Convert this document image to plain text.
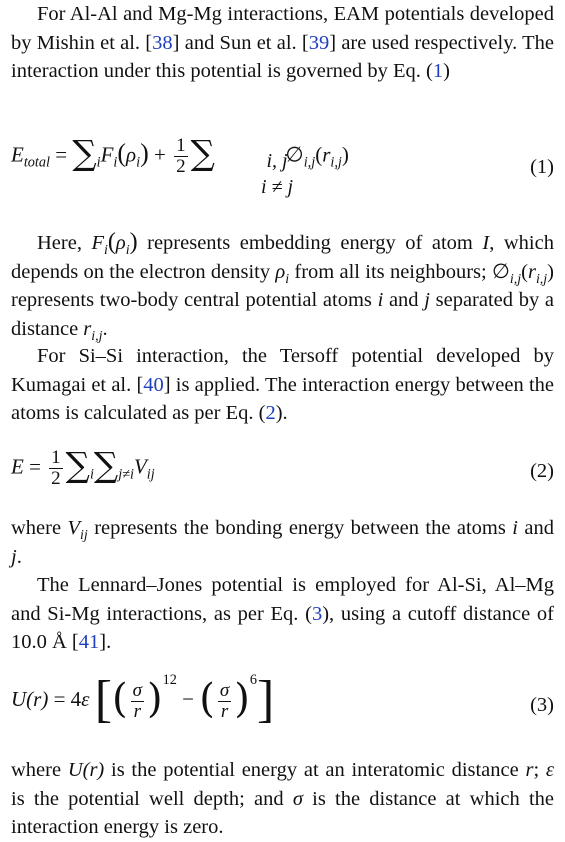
For Al-Al and Mg-Mg interactions, EAM potentials developed by Mishin et al. [38] and Sun et al. [39] are used respectively. The interaction under this potential is governed by Eq. (1)

$E_{total} = \sum_iF_i(\rho_i) + \frac{1}{2}$ ∑	$\emptyset_{i,j}(r_{i,j})$
i, j
i ≠ j
(1)

Here, $F_i(\rho_i)$ represents embedding energy of atom I, which depends on the electron density $\rho_i$ from all its neighbours; $\emptyset_{i,j}(r_{i,j})$ represents two-body central potential atoms i and j separated by a distance $r_{i,j}$.

For Si–Si interaction, the Tersoff potential developed by Kumagai et al. [40] is applied. The interaction energy between the atoms is calculated as per Eq. (2).

$E = \frac{1}{2} \sum_i\sum_{j\ne i}V_{ij}$	(2)

where $V_{ij}$ represents the bonding energy between the atoms i and j.

The Lennard–Jones potential is employed for Al-Si, Al–Mg and Si-Mg interactions, as per Eq. (3), using a cutoff distance of 10.0 Å [41].

U(r) = 4ε [( $\frac{\sigma}{r} )^{12}$ − ( $\frac{\sigma}{r} )^6$]	(3)

where U(r) is the potential energy at an interatomic distance r; ε is the potential well depth; and σ is the distance at which the interaction energy is zero.
